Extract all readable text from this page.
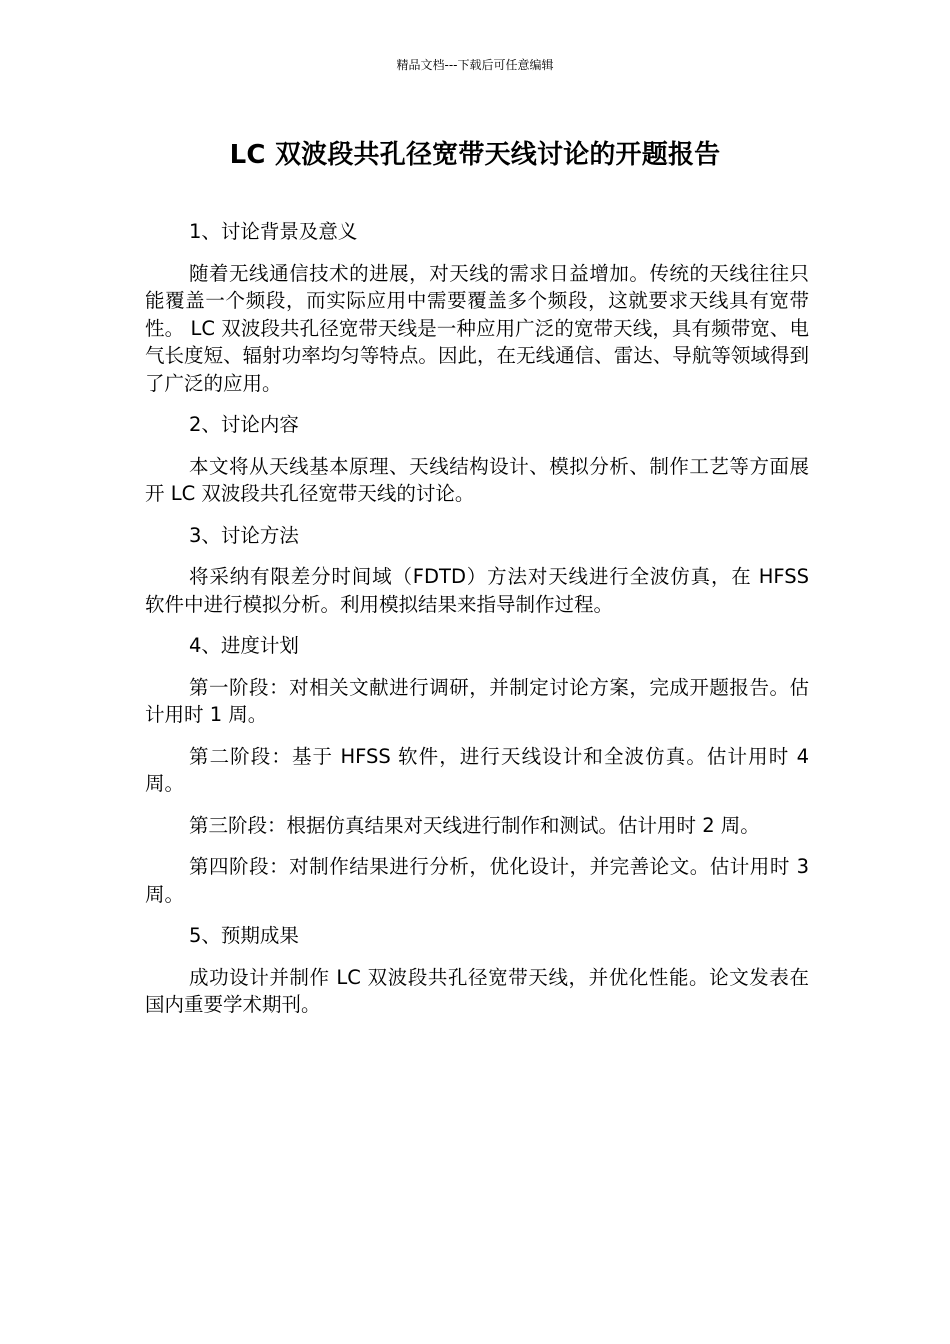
精品文档---下载后可任意编辑
LC 双波段共孔径宽带天线讨论的开题报告

1、讨论背景及意义

随着无线通信技术的进展，对天线的需求日益增加。传统的天线往往只能覆盖一个频段，而实际应用中需要覆盖多个频段，这就要求天线具有宽带性。 LC 双波段共孔径宽带天线是一种应用广泛的宽带天线，具有频带宽、电气长度短、辐射功率均匀等特点。因此，在无线通信、雷达、导航等领域得到了广泛的应用。

2、讨论内容

本文将从天线基本原理、天线结构设计、模拟分析、制作工艺等方面展开 LC 双波段共孔径宽带天线的讨论。

3、讨论方法

将采纳有限差分时间域（FDTD）方法对天线进行全波仿真，在 HFSS 软件中进行模拟分析。利用模拟结果来指导制作过程。

4、进度计划

第一阶段：对相关文献进行调研，并制定讨论方案，完成开题报告。估计用时 1 周。

第二阶段：基于 HFSS 软件，进行天线设计和全波仿真。估计用时 4 周。

第三阶段：根据仿真结果对天线进行制作和测试。估计用时 2 周。

第四阶段：对制作结果进行分析，优化设计，并完善论文。估计用时 3 周。

5、预期成果

成功设计并制作 LC 双波段共孔径宽带天线，并优化性能。论文发表在国内重要学术期刊。
